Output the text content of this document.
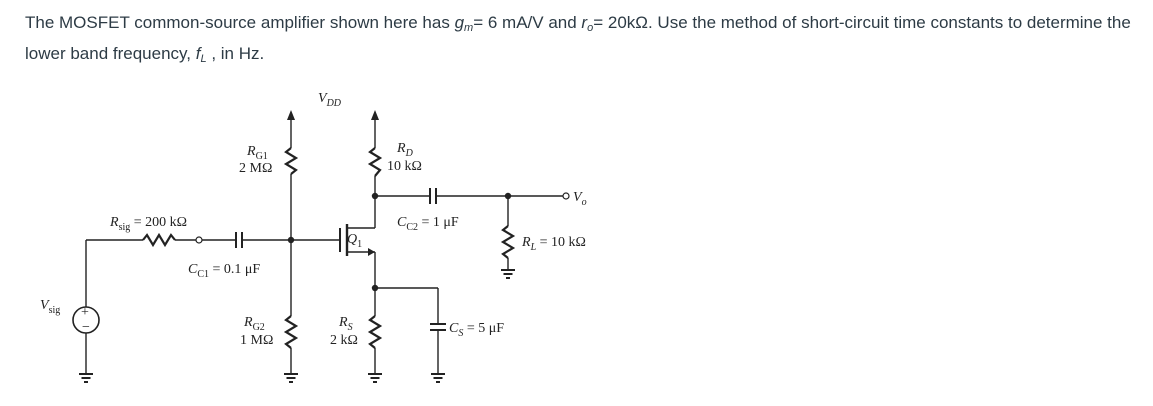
The MOSFET common-source amplifier shown here has $g_m= 6$ mA/V and $r_o= 20k\Omega$. Use the method of short-circuit time constants to determine the lower band frequency, $f_L$ , in Hz.
+
−
$V_{DD}$
$R_{G1}$
2 MΩ
$R_D$
10 kΩ
$R_{sig} = 200$ kΩ
$C_{C1} = 0.1$ μF
$C_{C2} = 1$ μF
$Q_1$
$V_o$
$R_L = 10$ kΩ
$V_{sig}$
$R_{G2}$
1 MΩ
$R_S$
2 kΩ
$C_S = 5$ μF
